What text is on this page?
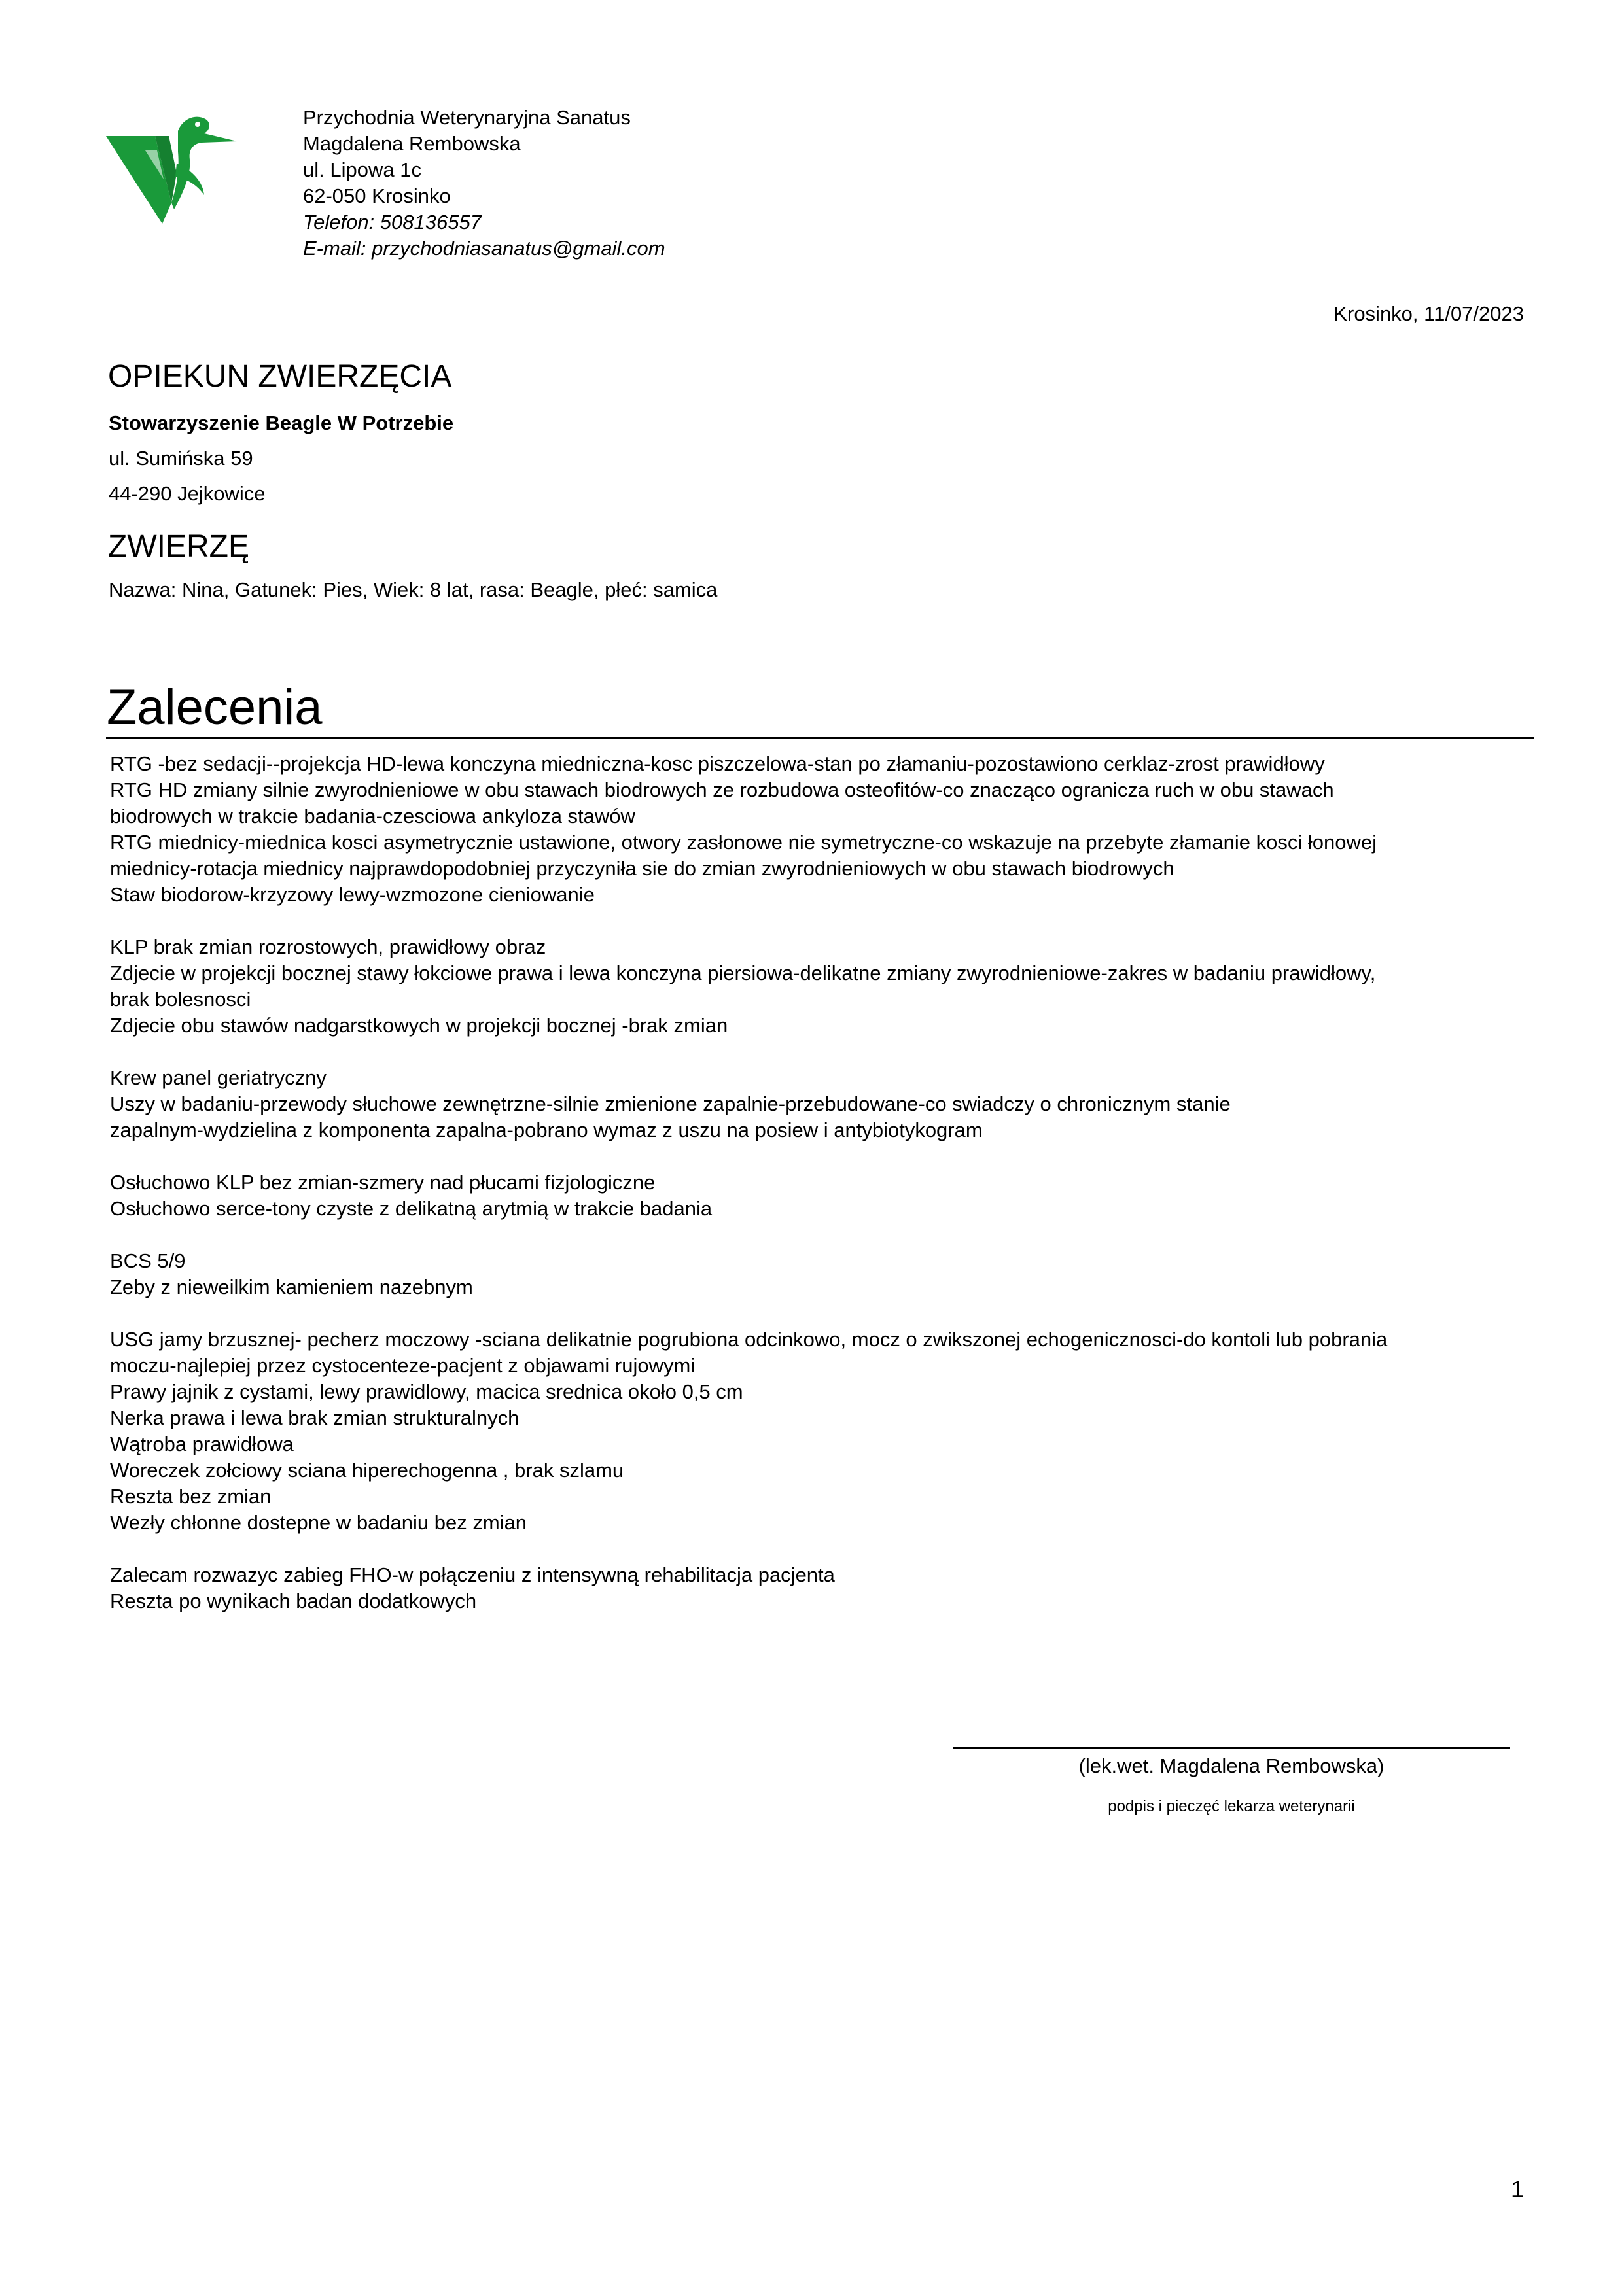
Przychodnia Weterynaryjna Sanatus
Magdalena Rembowska
ul. Lipowa 1c
62-050 Krosinko
Telefon: 508136557
E-mail: przychodniasanatus@gmail.com
Krosinko, 11/07/2023
OPIEKUN ZWIERZĘCIA
Stowarzyszenie Beagle W Potrzebie
ul. Sumińska 59
44-290 Jejkowice
ZWIERZĘ
Nazwa: Nina, Gatunek: Pies, Wiek: 8 lat, rasa: Beagle, płeć: samica
Zalecenia
RTG -bez sedacji--projekcja HD-lewa konczyna miedniczna-kosc piszczelowa-stan po złamaniu-pozostawiono cerklaz-zrost prawidłowy
RTG HD zmiany silnie zwyrodnieniowe w obu stawach biodrowych ze rozbudowa osteofitów-co znacząco ogranicza ruch w obu stawach
biodrowych w trakcie badania-czesciowa ankyloza stawów
RTG miednicy-miednica kosci asymetrycznie ustawione, otwory zasłonowe nie symetryczne-co wskazuje na przebyte złamanie kosci łonowej
miednicy-rotacja miednicy najprawdopodobniej przyczyniła sie do zmian zwyrodnieniowych w obu stawach biodrowych
Staw biodorow-krzyzowy lewy-wzmozone cieniowanie
KLP brak zmian rozrostowych, prawidłowy obraz
Zdjecie w projekcji bocznej stawy łokciowe prawa i lewa konczyna piersiowa-delikatne zmiany zwyrodnieniowe-zakres w badaniu prawidłowy,
brak bolesnosci
Zdjecie obu stawów nadgarstkowych w projekcji bocznej -brak zmian
Krew panel geriatryczny
Uszy w badaniu-przewody słuchowe zewnętrzne-silnie zmienione zapalnie-przebudowane-co swiadczy o chronicznym stanie
zapalnym-wydzielina z komponenta zapalna-pobrano wymaz z uszu na posiew i antybiotykogram
Osłuchowo KLP bez zmian-szmery nad płucami fizjologiczne
Osłuchowo serce-tony czyste z delikatną arytmią w trakcie badania
BCS 5/9
Zeby z nieweilkim kamieniem nazebnym
USG jamy brzusznej- pecherz moczowy -sciana delikatnie pogrubiona odcinkowo, mocz o zwikszonej echogenicznosci-do kontoli lub pobrania
moczu-najlepiej przez cystocenteze-pacjent z objawami rujowymi
Prawy jajnik z cystami, lewy prawidlowy, macica srednica około 0,5 cm
Nerka prawa i lewa brak zmian strukturalnych
Wątroba prawidłowa
Woreczek zołciowy sciana hiperechogenna , brak szlamu
Reszta bez zmian
Wezły chłonne dostepne w badaniu bez zmian
Zalecam rozwazyc zabieg FHO-w połączeniu z intensywną rehabilitacja pacjenta
Reszta po wynikach badan dodatkowych
(lek.wet. Magdalena Rembowska)
podpis i pieczęć lekarza weterynarii
1
